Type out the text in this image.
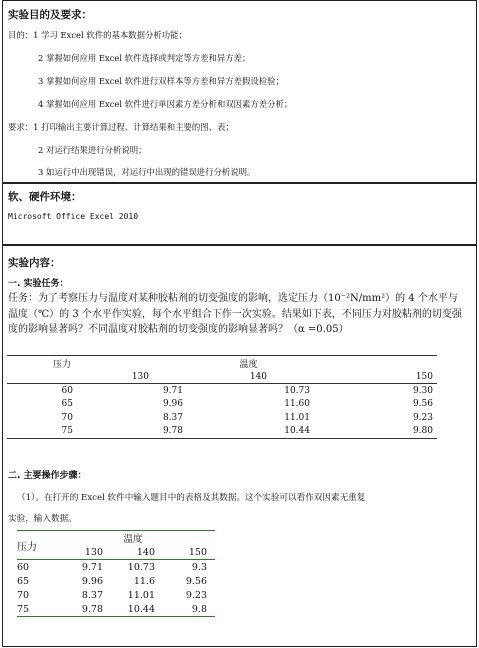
实验目的及要求：
目的：1 学习 Excel 软件的基本数据分析功能；
2 掌握如何应用 Excel 软件选择或判定等方差和异方差；
3 掌握如何应用 Excel 软件进行双样本等方差和异方差假设检验；
4 掌握如何应用 Excel 软件进行单因素方差分析和双因素方差分析；
要求：1 打印输出主要计算过程、计算结果和主要的图、表；
2 对运行结果进行分析说明；
3 如运行中出现错误，对运行中出现的错误进行分析说明。
软、硬件环境：
Microsoft Office Excel 2010
实验内容：
一. 实验任务：
任务：为了考察压力与温度对某种胶粘剂的切变强度的影响，选定压力（10⁻²N/mm²）的 4 个水平与温度（℃）的 3 个水平作实验，每个水平组合下作一次实验。结果如下表，不同压力对胶粘剂的切变强度的影响显著吗？不同温度对胶粘剂的切变强度的影响显著吗？（α =0.05）
压力		温度	
	130	140	150
60	9.71	10.73	9.30
65	9.96	11.60	9.56
70	8.37	11.01	9.23
75	9.78	10.44	9.80
二. 主要操作步骤：
（1）。在打开的 Excel 软件中输入题目中的表格及其数据。这个实验可以看作双因素无重复
实验，输入数据。
压力		温度	
	130	140	150
60	9.71	10.73	9.3
65	9.96	11.6	9.56
70	8.37	11.01	9.23
75	9.78	10.44	9.8
